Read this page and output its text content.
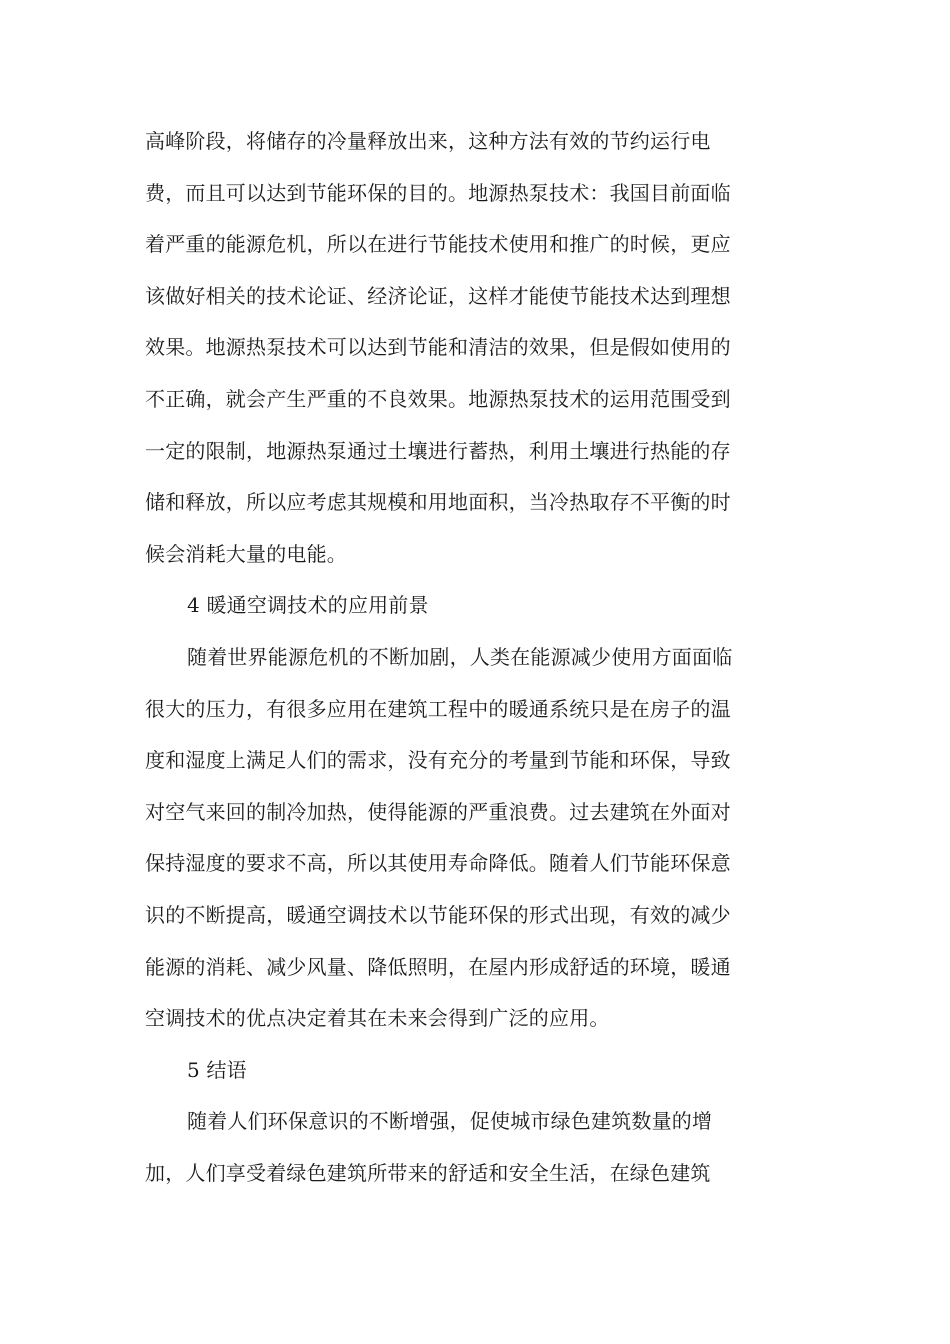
高峰阶段，将储存的冷量释放出来，这种方法有效的节约运行电
费，而且可以达到节能环保的目的。地源热泵技术：我国目前面临
着严重的能源危机，所以在进行节能技术使用和推广的时候，更应
该做好相关的技术论证、经济论证，这样才能使节能技术达到理想
效果。地源热泵技术可以达到节能和清洁的效果，但是假如使用的
不正确，就会产生严重的不良效果。地源热泵技术的运用范围受到
一定的限制，地源热泵通过土壤进行蓄热，利用土壤进行热能的存
储和释放，所以应考虑其规模和用地面积，当冷热取存不平衡的时
候会消耗大量的电能。
4 暖通空调技术的应用前景
随着世界能源危机的不断加剧，人类在能源减少使用方面面临
很大的压力，有很多应用在建筑工程中的暖通系统只是在房子的温
度和湿度上满足人们的需求，没有充分的考量到节能和环保，导致
对空气来回的制冷加热，使得能源的严重浪费。过去建筑在外面对
保持湿度的要求不高，所以其使用寿命降低。随着人们节能环保意
识的不断提高，暖通空调技术以节能环保的形式出现，有效的减少
能源的消耗、减少风量、降低照明，在屋内形成舒适的环境，暖通
空调技术的优点决定着其在未来会得到广泛的应用。
5 结语
随着人们环保意识的不断增强，促使城市绿色建筑数量的增
加，人们享受着绿色建筑所带来的舒适和安全生活，在绿色建筑
